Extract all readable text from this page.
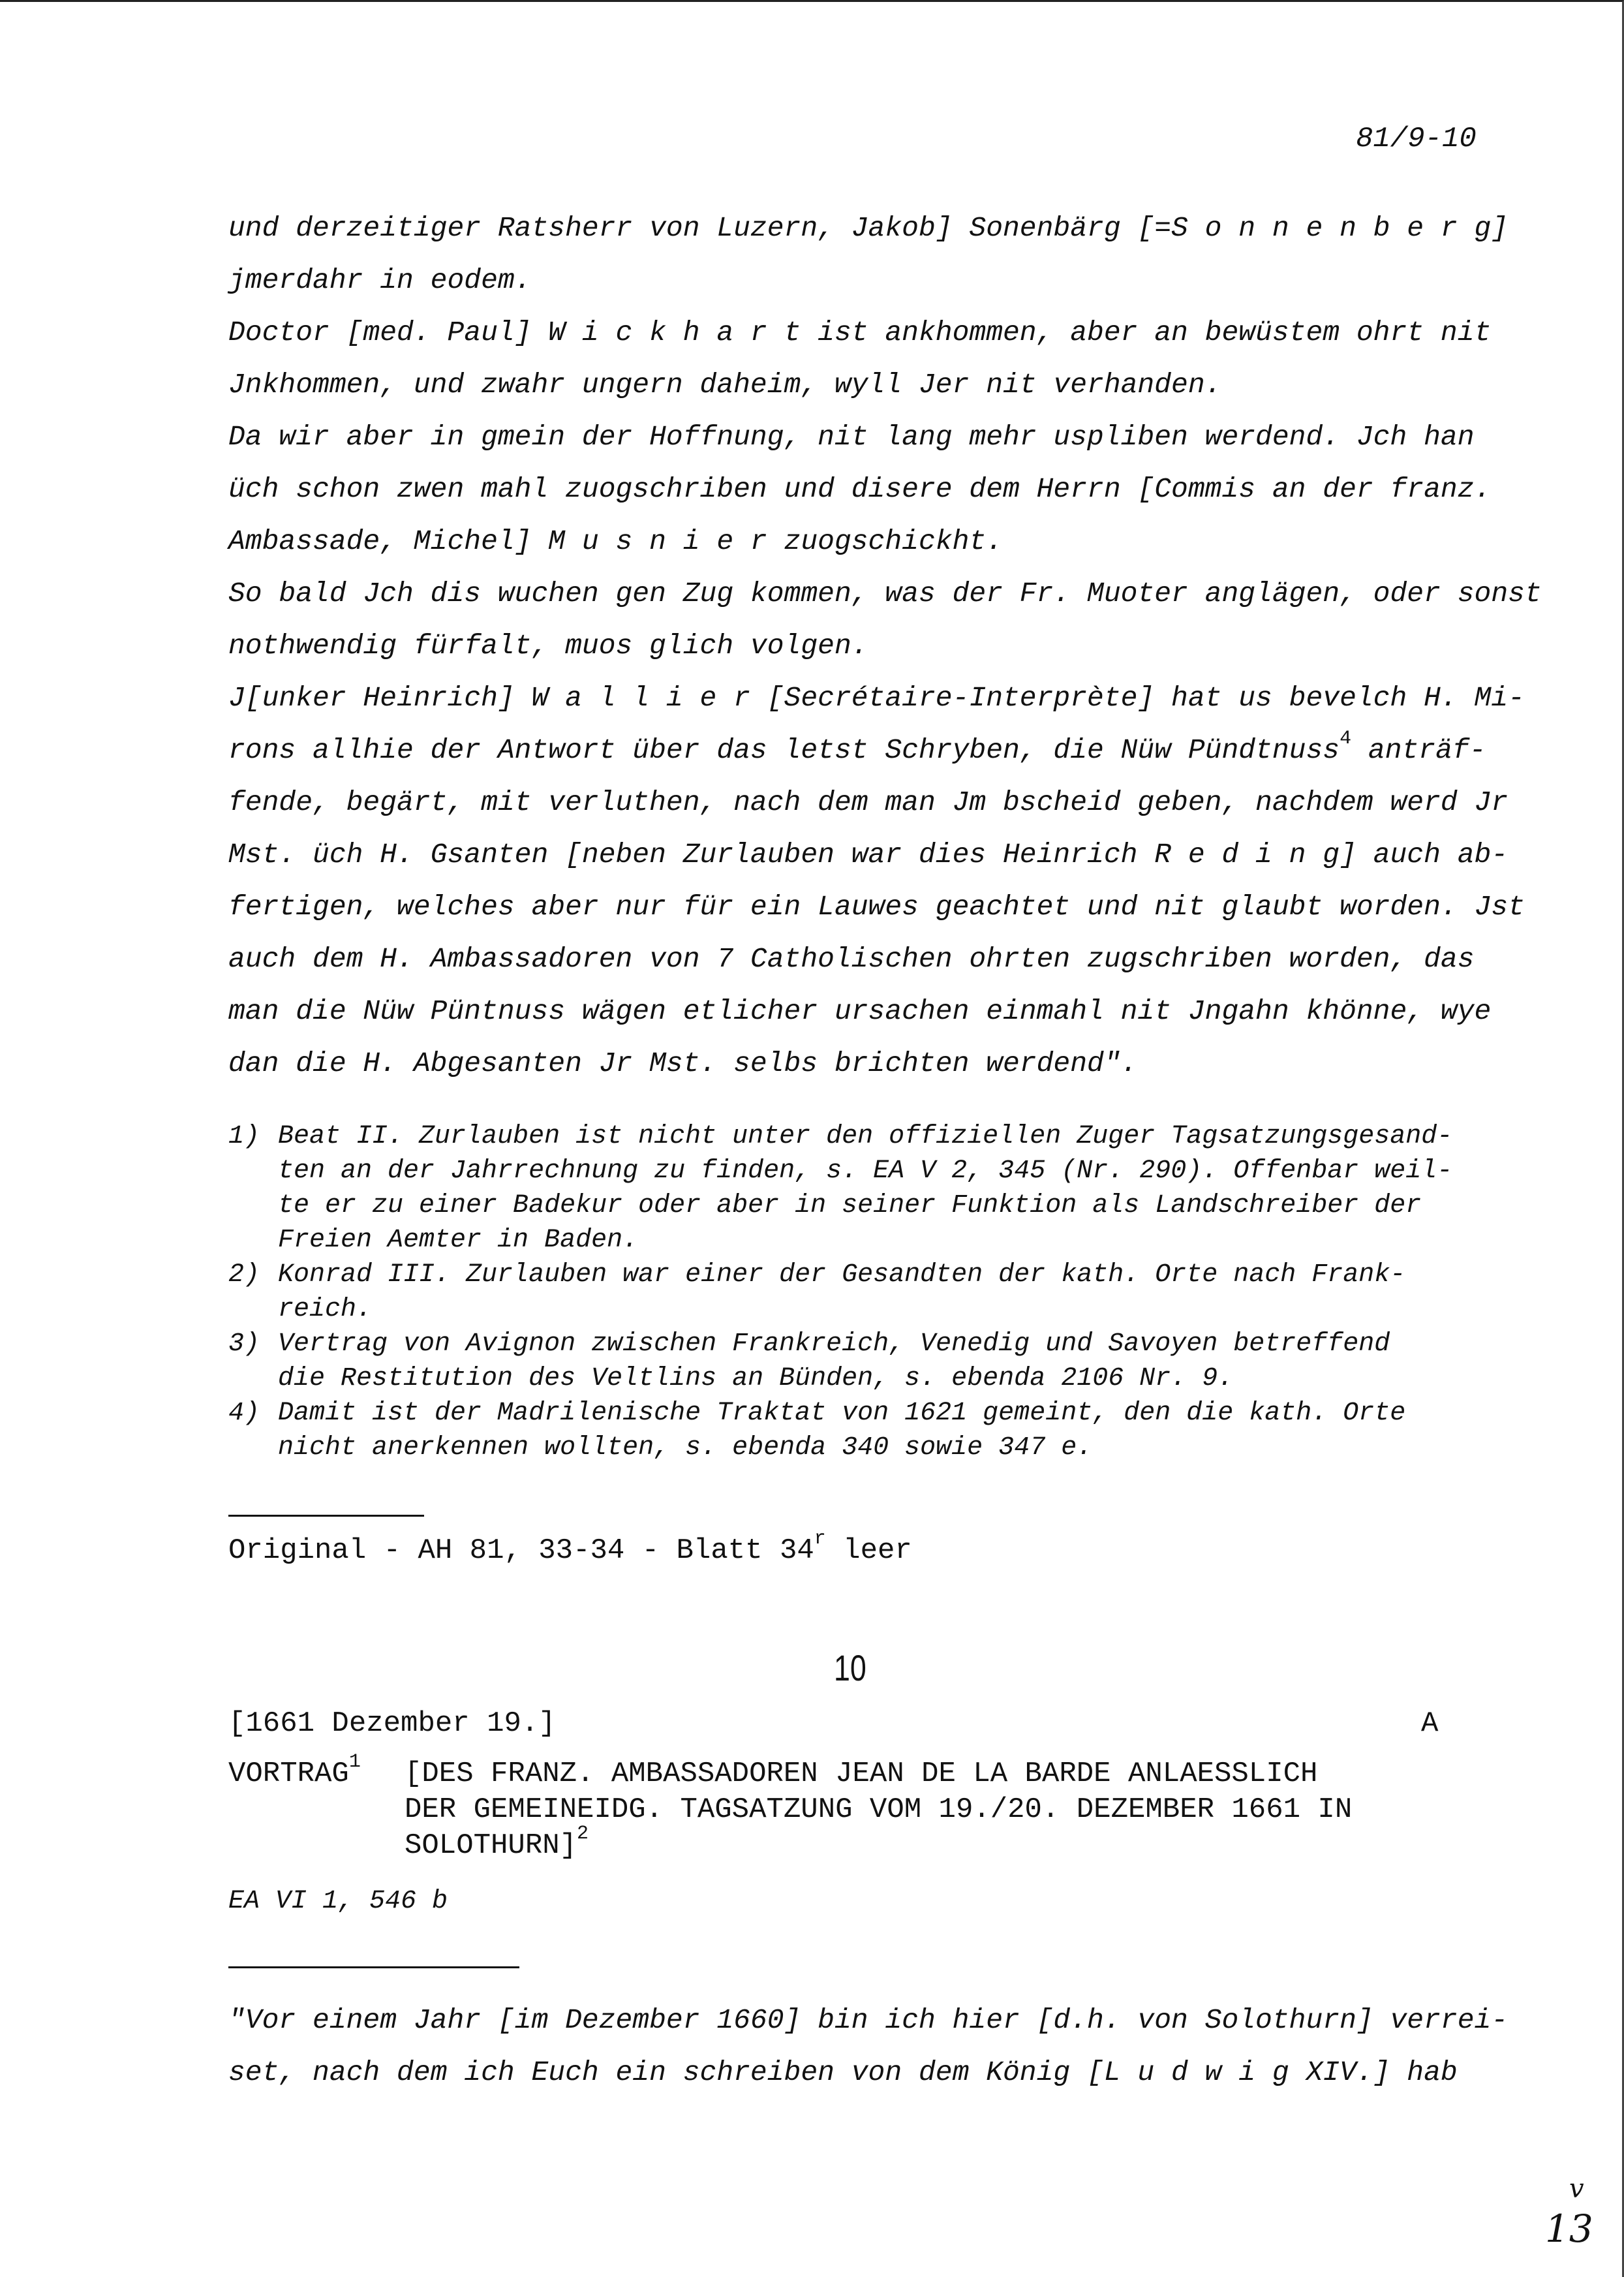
81/9-10
und derzeitiger Ratsherr von Luzern, Jakob] Sonenbärg [=S o n n e n b e r g]
jmerdahr in eodem.
Doctor [med. Paul] W i c k h a r t ist ankhommen, aber an bewüstem ohrt nit
Jnkhommen, und zwahr ungern daheim, wyll Jer nit verhanden.
Da wir aber in gmein der Hoffnung, nit lang mehr uspliben werdend. Jch han
üch schon zwen mahl zuogschriben und disere dem Herrn [Commis an der franz.
Ambassade, Michel] M u s n i e r zuogschickht.
So bald Jch dis wuchen gen Zug kommen, was der Fr. Muoter anglägen, oder sonst
nothwendig fürfalt, muos glich volgen.
J[unker Heinrich] W a l l i e r [Secrétaire-Interprète] hat us bevelch H. Mi-
rons allhie der Antwort über das letst Schryben, die Nüw Pündtnuss$^4$ anträf-
fende, begärt, mit verluthen, nach dem man Jm bscheid geben, nachdem werd Jr
Mst. üch H. Gsanten [neben Zurlauben war dies Heinrich R e d i n g] auch ab-
fertigen, welches aber nur für ein Lauwes geachtet und nit glaubt worden. Jst
auch dem H. Ambassadoren von 7 Catholischen ohrten zugschriben worden, das
man die Nüw Püntnuss wägen etlicher ursachen einmahl nit Jngahn khönne, wye
dan die H. Abgesanten Jr Mst. selbs brichten werdend".
1) Beat II. Zurlauben ist nicht unter den offiziellen Zuger Tagsatzungsgesand-
ten an der Jahrrechnung zu finden, s. EA V 2, 345 (Nr. 290). Offenbar weil-
te er zu einer Badekur oder aber in seiner Funktion als Landschreiber der
Freien Aemter in Baden.
2) Konrad III. Zurlauben war einer der Gesandten der kath. Orte nach Frank-
reich.
3) Vertrag von Avignon zwischen Frankreich, Venedig und Savoyen betreffend
die Restitution des Veltlins an Bünden, s. ebenda 2106 Nr. 9.
4) Damit ist der Madrilenische Traktat von 1621 gemeint, den die kath. Orte
nicht anerkennen wollten, s. ebenda 340 sowie 347 e.
Original - AH 81, 33-34 - Blatt 34$^r$ leer
10
[1661 Dezember 19.]	A
VORTRAG$^1$ [DES FRANZ. AMBASSADOREN JEAN DE LA BARDE ANLAESSLICH
DER GEMEINEIDG. TAGSATZUNG VOM 19./20. DEZEMBER 1661 IN
SOLOTHURN]$^2$
EA VI 1, 546 b
"Vor einem Jahr [im Dezember 1660] bin ich hier [d.h. von Solothurn] verrei-
set, nach dem ich Euch ein schreiben von dem König [L u d w i g XIV.] hab
v
13
